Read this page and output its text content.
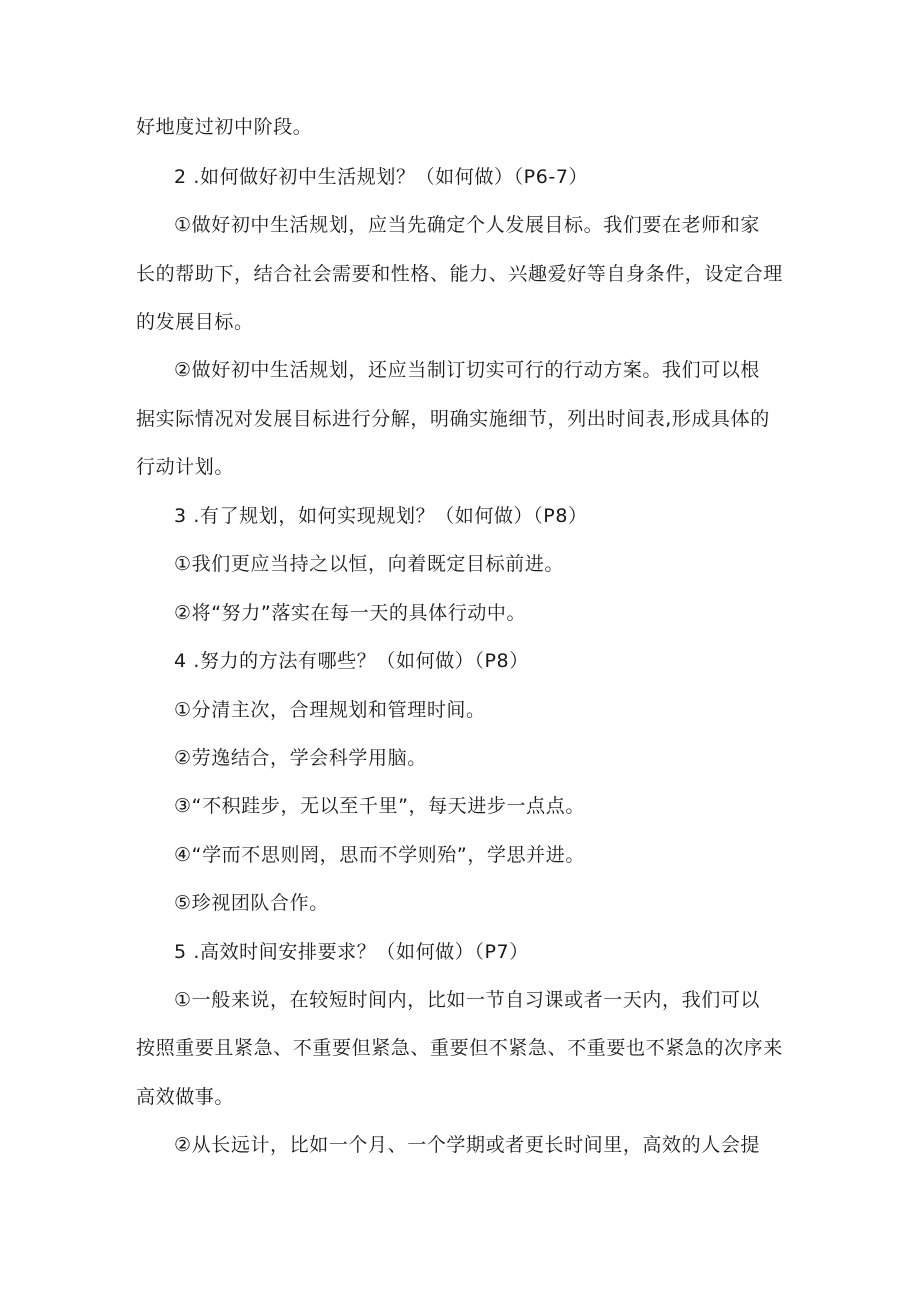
好地度过初中阶段。
2 .如何做好初中生活规划？（如何做）（P6-7）
①做好初中生活规划，应当先确定个人发展目标。我们要在老师和家
长的帮助下，结合社会需要和性格、能力、兴趣爱好等自身条件，设定合理
的发展目标。
②做好初中生活规划，还应当制订切实可行的行动方案。我们可以根
据实际情况对发展目标进行分解，明确实施细节，列出时间表,形成具体的
行动计划。
3 .有了规划，如何实现规划？（如何做）（P8）
①我们更应当持之以恒，向着既定目标前进。
②将“努力”落实在每一天的具体行动中。
4 .努力的方法有哪些？（如何做）（P8）
①分清主次，合理规划和管理时间。
②劳逸结合，学会科学用脑。
③“不积跬步，无以至千里”，每天进步一点点。
④“学而不思则罔，思而不学则殆”，学思并进。
⑤珍视团队合作。
5 .高效时间安排要求？（如何做）（P7）
①一般来说，在较短时间内，比如一节自习课或者一天内，我们可以
按照重要且紧急、不重要但紧急、重要但不紧急、不重要也不紧急的次序来
高效做事。
②从长远计，比如一个月、一个学期或者更长时间里，高效的人会提
